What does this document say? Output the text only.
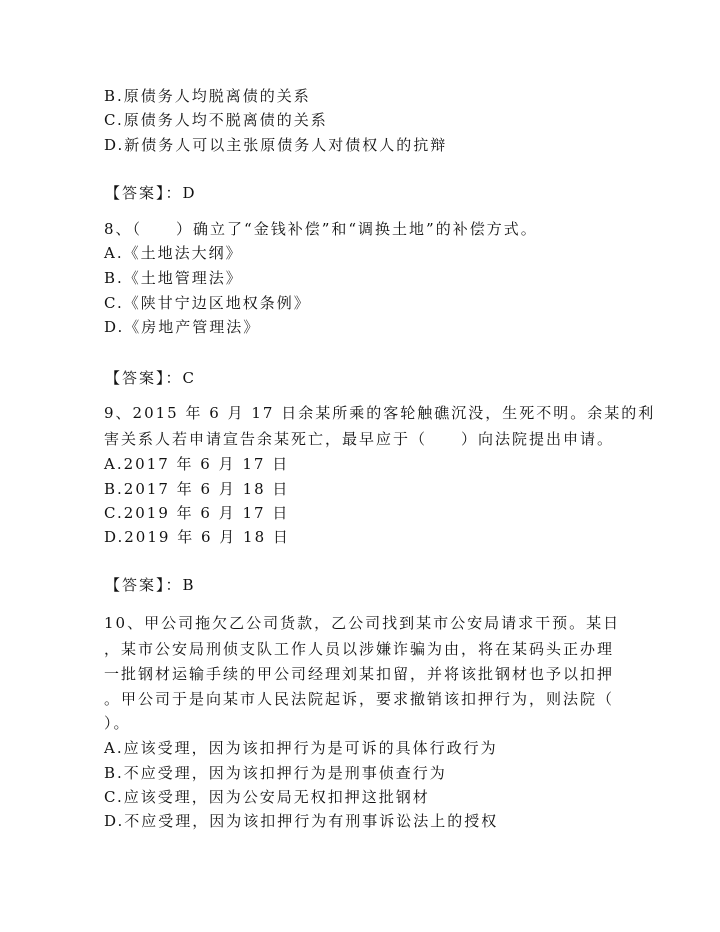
B.原债务人均脱离债的关系
C.原债务人均不脱离债的关系
D.新债务人可以主张原债务人对债权人的抗辩
【答案】：D
8、（　　）确立了“金钱补偿”和“调换土地”的补偿方式。
A.《土地法大纲》
B.《土地管理法》
C.《陕甘宁边区地权条例》
D.《房地产管理法》
【答案】：C
9、2015 年 6 月 17 日余某所乘的客轮触礁沉没，生死不明。余某的利
害关系人若申请宣告余某死亡，最早应于（　　）向法院提出申请。
A.2017 年 6 月 17 日
B.2017 年 6 月 18 日
C.2019 年 6 月 17 日
D.2019 年 6 月 18 日
【答案】：B
10、甲公司拖欠乙公司货款，乙公司找到某市公安局请求干预。某日
，某市公安局刑侦支队工作人员以涉嫌诈骗为由，将在某码头正办理
一批钢材运输手续的甲公司经理刘某扣留，并将该批钢材也予以扣押
。甲公司于是向某市人民法院起诉，要求撤销该扣押行为，则法院（
）。
A.应该受理，因为该扣押行为是可诉的具体行政行为
B.不应受理，因为该扣押行为是刑事侦查行为
C.应该受理，因为公安局无权扣押这批钢材
D.不应受理，因为该扣押行为有刑事诉讼法上的授权
